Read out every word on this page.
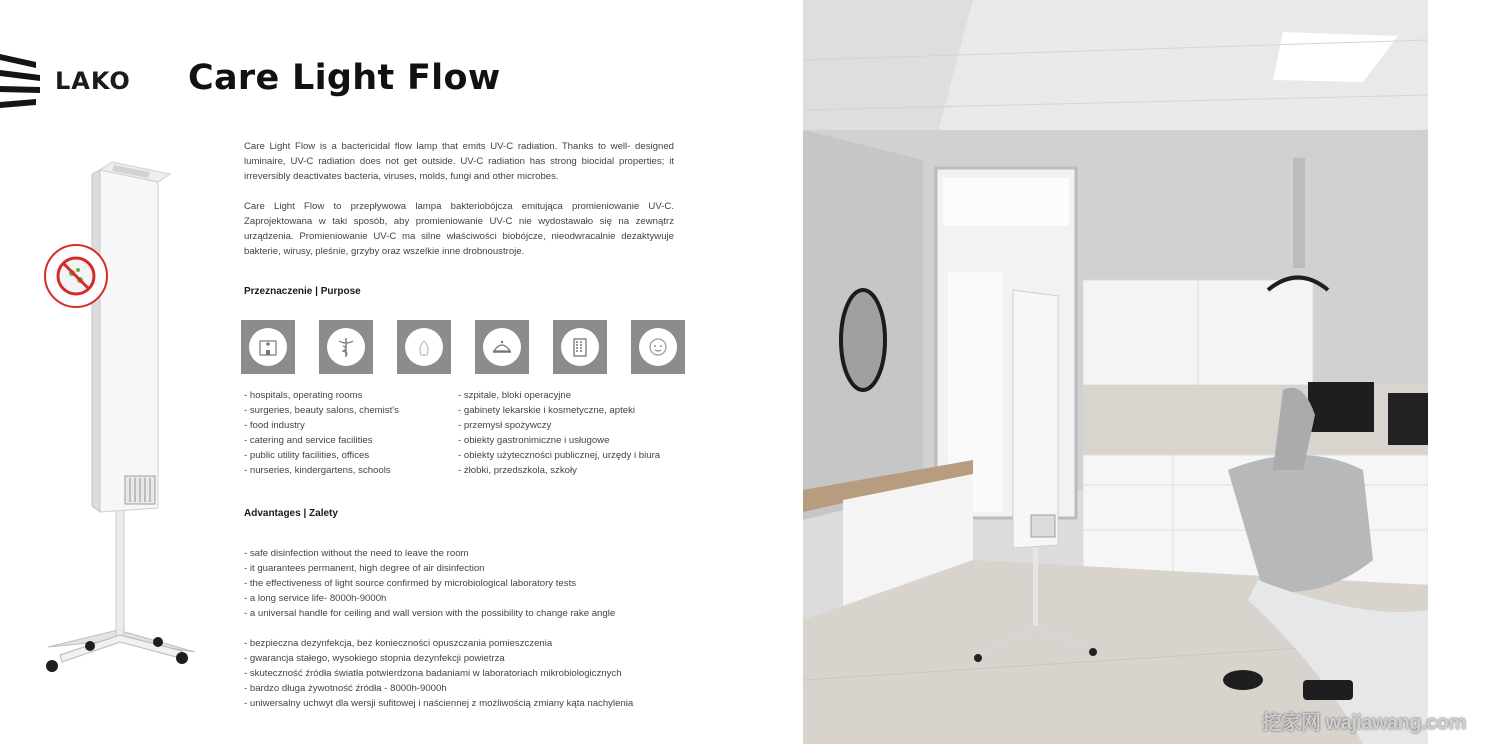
LAKO Care Light Flow

Care Light Flow is a bactericidal flow lamp that emits UV-C radiation. Thanks to well- designed luminaire, UV-C radiation does not get outside. UV-C radiation has strong biocidal properties; it irreversibly deactivates bacteria, viruses, molds, fungi and other microbes.

Care Light Flow to przepływowa lampa bakteriobójcza emitująca promieniowanie UV-C. Zaprojektowana w taki sposób, aby promieniowanie UV-C nie wydostawało się na zewnątrz urządzenia. Promieniowanie UV-C ma silne właściwości biobójcze, nieodwracalnie dezaktywuje bakterie, wirusy, pleśnie, grzyby oraz wszelkie inne drobnoustroje.

Przeznaczenie | Purpose
- hospitals, operating rooms
- surgeries, beauty salons, chemist's
- food industry
- catering and service facilities
- public utility facilities, offices
- nurseries, kindergartens, schools
- szpitale, bloki operacyjne
- gabinety lekarskie i kosmetyczne, apteki
- przemysł spożywczy
- obiekty gastronimiczne i usługowe
- obiekty użyteczności publicznej, urzędy i biura
- żłobki, przedszkola, szkoły
Advantages | Zalety
- safe disinfection without the need to leave the room
- it guarantees permanent, high degree of air disinfection
- the effectiveness of light source confirmed by microbiological laboratory tests
- a long service life- 8000h-9000h
- a universal handle for ceiling and wall version with the possibility to change rake angle
- bezpieczna dezynfekcja, bez konieczności opuszczania pomieszczenia
- gwarancja stałego, wysokiego stopnia dezynfekcji powietrza
- skuteczność źródła światła potwierdzona badaniami w laboratoriach mikrobiologicznych
- bardzo długa żywotność źródła - 8000h-9000h
- uniwersalny uchwyt dla wersji sufitowej i naściennej z możliwością zmiany kąta nachylenia
挖家网 wajiawang.com
